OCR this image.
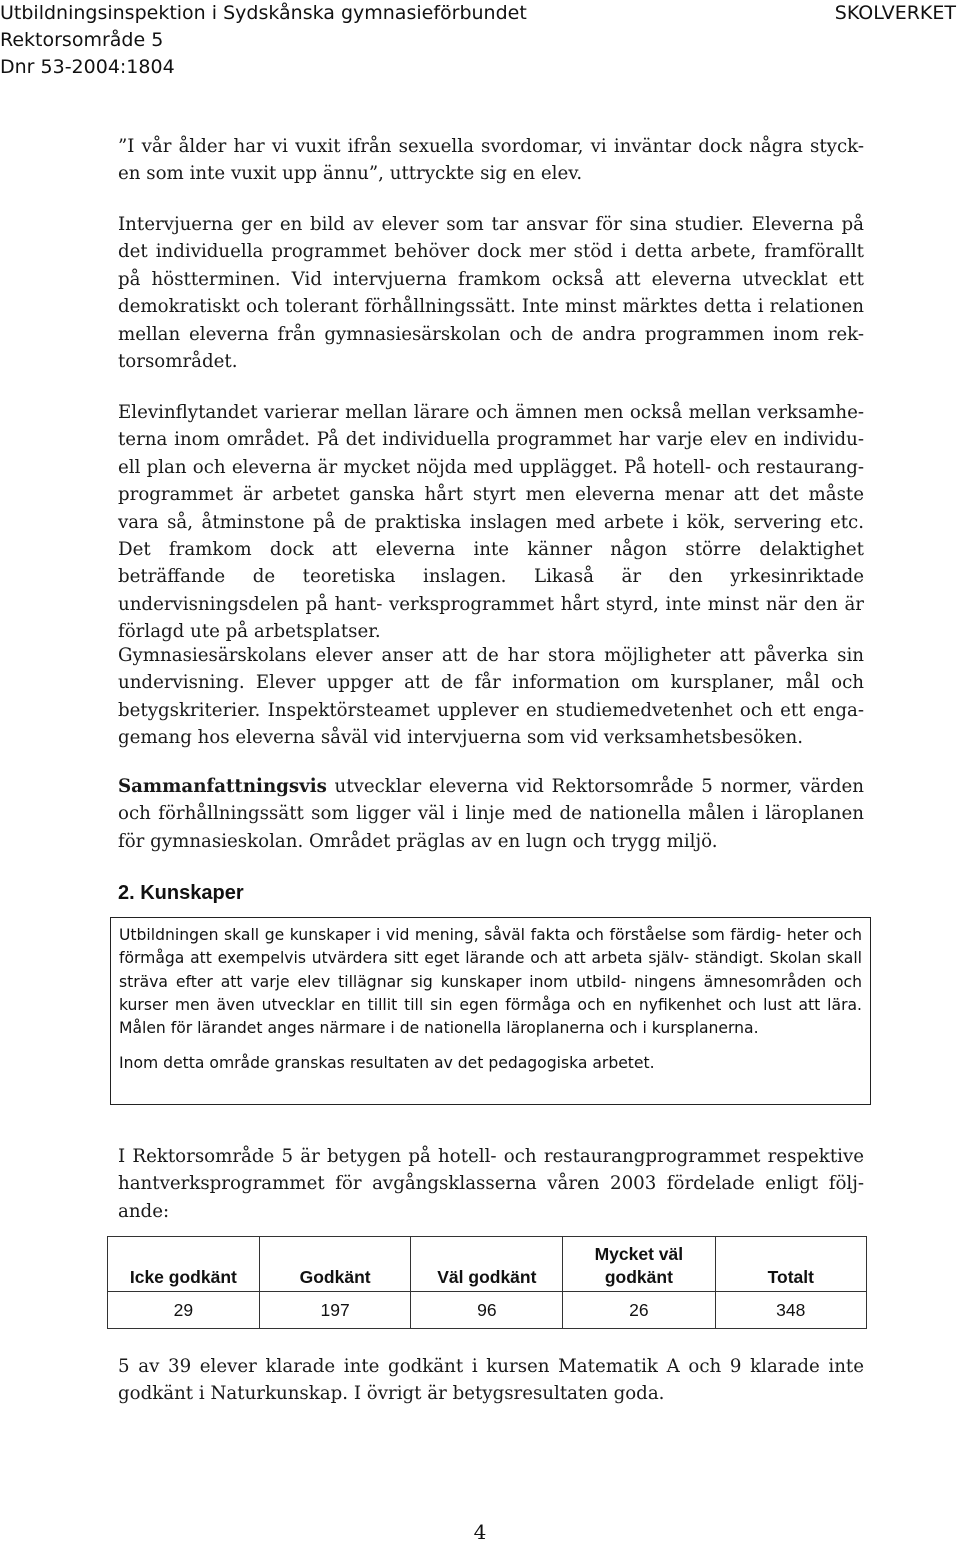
Utbildningsinspektion i Sydskånska gymnasieförbundet
Rektorsområde 5
Dnr 53-2004:1804
SKOLVERKET

”I vår ålder har vi vuxit ifrån sexuella svordomar, vi inväntar dock några styck- en som inte vuxit upp ännu”, uttryckte sig en elev.

Intervjuerna ger en bild av elever som tar ansvar för sina studier. Eleverna på det individuella programmet behöver dock mer stöd i detta arbete, framförallt på höstterminen. Vid intervjuerna framkom också att eleverna utvecklat ett demokratiskt och tolerant förhållningssätt. Inte minst märktes detta i relationen mellan eleverna från gymnasiesärskolan och de andra programmen inom rek- torsområdet.

Elevinflytandet varierar mellan lärare och ämnen men också mellan verksamhe- terna inom området. På det individuella programmet har varje elev en individu- ell plan och eleverna är mycket nöjda med upplägget. På hotell- och restaurang- programmet är arbetet ganska hårt styrt men eleverna menar att det måste vara så, åtminstone på de praktiska inslagen med arbete i kök, servering etc. Det framkom dock att eleverna inte känner någon större delaktighet beträffande de teoretiska inslagen. Likaså är den yrkesinriktade undervisningsdelen på hant- verksprogrammet hårt styrd, inte minst när den är förlagd ute på arbetsplatser.

Gymnasiesärskolans elever anser att de har stora möjligheter att påverka sin undervisning. Elever uppger att de får information om kursplaner, mål och betygskriterier. Inspektörsteamet upplever en studiemedvetenhet och ett enga- gemang hos eleverna såväl vid intervjuerna som vid verksamhetsbesöken.

Sammanfattningsvis utvecklar eleverna vid Rektorsområde 5 normer, värden och förhållningssätt som ligger väl i linje med de nationella målen i läroplanen för gymnasieskolan. Området präglas av en lugn och trygg miljö.

2. Kunskaper

Utbildningen skall ge kunskaper i vid mening, såväl fakta och förståelse som färdig- heter och förmåga att exempelvis utvärdera sitt eget lärande och att arbeta själv- ständigt. Skolan skall sträva efter att varje elev tillägnar sig kunskaper inom utbild- ningens ämnesområden och kurser men även utvecklar en tillit till sin egen förmåga och en nyfikenhet och lust att lära. Målen för lärandet anges närmare i de nationella läroplanerna och i kursplanerna.

Inom detta område granskas resultaten av det pedagogiska arbetet.

I Rektorsområde 5 är betygen på hotell- och restaurangprogrammet respektive hantverksprogrammet för avgångsklasserna våren 2003 fördelade enligt följ- ande:

Icke godkänt	Godkänt	Väl godkänt	Mycket väl godkänt	Totalt
29	197	96	26	348

5 av 39 elever klarade inte godkänt i kursen Matematik A och 9 klarade inte godkänt i Naturkunskap. I övrigt är betygsresultaten goda.

4
